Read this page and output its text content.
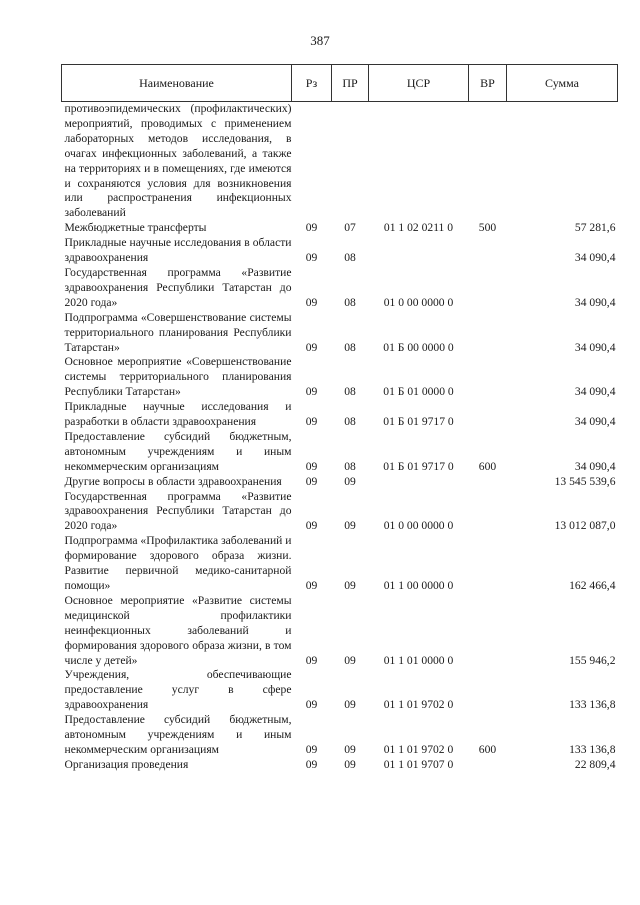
387
Наименование	Рз	ПР	ЦСР	ВР	Сумма
противоэпидемических (профилактических) мероприятий, проводимых с применением лабораторных методов исследования, в очагах инфекционных заболеваний, а также на территориях и в помещениях, где имеются и сохраняются условия для возникновения или распространения инфекционных заболеваний					
Межбюджетные трансферты	09	07	01 1 02 0211 0	500	57 281,6
Прикладные научные исследования в области здравоохранения	09	08			34 090,4
Государственная программа «Развитие здравоохранения Республики Татарстан до 2020 года»	09	08	01 0 00 0000 0		34 090,4
Подпрограмма «Совершенствование системы территориального планирования Республики Татарстан»	09	08	01 Б 00 0000 0		34 090,4
Основное мероприятие «Совершенствование системы территориального планирования Республики Татарстан»	09	08	01 Б 01 0000 0		34 090,4
Прикладные научные исследования и разработки в области здравоохранения	09	08	01 Б 01 9717 0		34 090,4
Предоставление субсидий бюджетным, автономным учреждениям и иным некоммерческим организациям	09	08	01 Б 01 9717 0	600	34 090,4
Другие вопросы в области здравоохранения	09	09			13 545 539,6
Государственная программа «Развитие здравоохранения Республики Татарстан до 2020 года»	09	09	01 0 00 0000 0		13 012 087,0
Подпрограмма «Профилактика заболеваний и формирование здорового образа жизни. Развитие первичной медико-санитарной помощи»	09	09	01 1 00 0000 0		162 466,4
Основное мероприятие «Развитие системы медицинской профилактики неинфекционных заболеваний и формирования здорового образа жизни, в том числе у детей»	09	09	01 1 01 0000 0		155 946,2
Учреждения, обеспечивающие предоставление услуг в сфере здравоохранения	09	09	01 1 01 9702 0		133 136,8
Предоставление субсидий бюджетным, автономным учреждениям и иным некоммерческим организациям	09	09	01 1 01 9702 0	600	133 136,8
Организация проведения	09	09	01 1 01 9707 0		22 809,4
